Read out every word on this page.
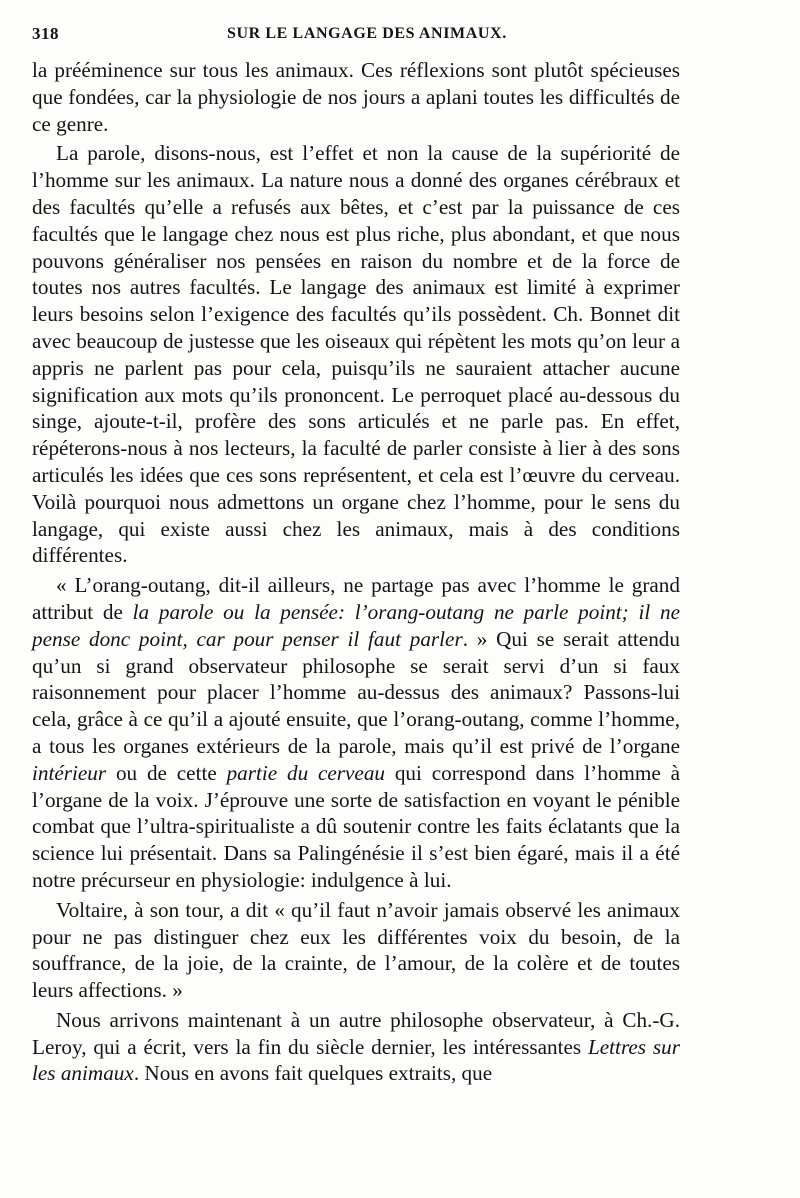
318	SUR LE LANGAGE DES ANIMAUX.

la prééminence sur tous les animaux. Ces réflexions sont plutôt spécieuses que fondées, car la physiologie de nos jours a aplani toutes les difficultés de ce genre.

La parole, disons-nous, est l’effet et non la cause de la supériorité de l’homme sur les animaux. La nature nous a donné des organes cérébraux et des facultés qu’elle a refusés aux bêtes, et c’est par la puissance de ces facultés que le langage chez nous est plus riche, plus abondant, et que nous pouvons généraliser nos pensées en raison du nombre et de la force de toutes nos autres facultés. Le langage des animaux est limité à exprimer leurs besoins selon l’exigence des facultés qu’ils possèdent. Ch. Bonnet dit avec beaucoup de justesse que les oiseaux qui répètent les mots qu’on leur a appris ne parlent pas pour cela, puisqu’ils ne sauraient attacher aucune signification aux mots qu’ils prononcent. Le perroquet placé au-dessous du singe, ajoute-t-il, profère des sons articulés et ne parle pas. En effet, répéterons-nous à nos lecteurs, la faculté de parler consiste à lier à des sons articulés les idées que ces sons représentent, et cela est l’œuvre du cerveau. Voilà pourquoi nous admettons un organe chez l’homme, pour le sens du langage, qui existe aussi chez les animaux, mais à des conditions différentes.

« L’orang-outang, dit-il ailleurs, ne partage pas avec l’homme le grand attribut de la parole ou la pensée: l’orang-outang ne parle point; il ne pense donc point, car pour penser il faut parler. » Qui se serait attendu qu’un si grand observateur philosophe se serait servi d’un si faux raisonnement pour placer l’homme au-dessus des animaux? Passons-lui cela, grâce à ce qu’il a ajouté ensuite, que l’orang-outang, comme l’homme, a tous les organes extérieurs de la parole, mais qu’il est privé de l’organe intérieur ou de cette partie du cerveau qui correspond dans l’homme à l’organe de la voix. J’éprouve une sorte de satisfaction en voyant le pénible combat que l’ultra-spiritualiste a dû soutenir contre les faits éclatants que la science lui présentait. Dans sa Palingénésie il s’est bien égaré, mais il a été notre précurseur en physiologie: indulgence à lui.

Voltaire, à son tour, a dit « qu’il faut n’avoir jamais observé les animaux pour ne pas distinguer chez eux les différentes voix du besoin, de la souffrance, de la joie, de la crainte, de l’amour, de la colère et de toutes leurs affections. »

Nous arrivons maintenant à un autre philosophe observateur, à Ch.-G. Leroy, qui a écrit, vers la fin du siècle dernier, les intéressantes Lettres sur les animaux. Nous en avons fait quelques extraits, que
